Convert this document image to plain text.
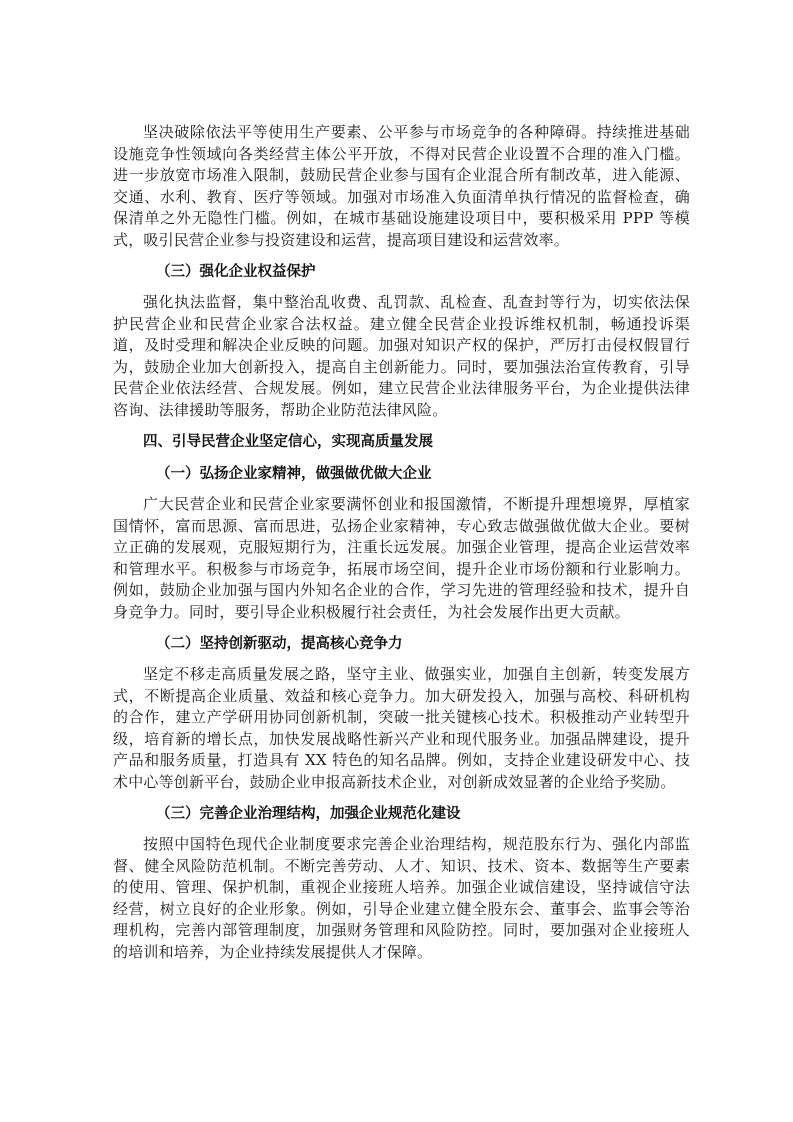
坚决破除依法平等使用生产要素、公平参与市场竞争的各种障碍。持续推进基础设施竞争性领域向各类经营主体公平开放，不得对民营企业设置不合理的准入门槛。进一步放宽市场准入限制，鼓励民营企业参与国有企业混合所有制改革，进入能源、交通、水利、教育、医疗等领域。加强对市场准入负面清单执行情况的监督检查，确保清单之外无隐性门槛。例如，在城市基础设施建设项目中，要积极采用 PPP 等模式，吸引民营企业参与投资建设和运营，提高项目建设和运营效率。

（三）强化企业权益保护

强化执法监督，集中整治乱收费、乱罚款、乱检查、乱查封等行为，切实依法保护民营企业和民营企业家合法权益。建立健全民营企业投诉维权机制，畅通投诉渠道，及时受理和解决企业反映的问题。加强对知识产权的保护，严厉打击侵权假冒行为，鼓励企业加大创新投入，提高自主创新能力。同时，要加强法治宣传教育，引导民营企业依法经营、合规发展。例如，建立民营企业法律服务平台，为企业提供法律咨询、法律援助等服务，帮助企业防范法律风险。

四、引导民营企业坚定信心，实现高质量发展
（一）弘扬企业家精神，做强做优做大企业

广大民营企业和民营企业家要满怀创业和报国激情，不断提升理想境界，厚植家国情怀，富而思源、富而思进，弘扬企业家精神，专心致志做强做优做大企业。要树立正确的发展观，克服短期行为，注重长远发展。加强企业管理，提高企业运营效率和管理水平。积极参与市场竞争，拓展市场空间，提升企业市场份额和行业影响力。例如，鼓励企业加强与国内外知名企业的合作，学习先进的管理经验和技术，提升自身竞争力。同时，要引导企业积极履行社会责任，为社会发展作出更大贡献。

（二）坚持创新驱动，提高核心竞争力

坚定不移走高质量发展之路，坚守主业、做强实业，加强自主创新，转变发展方式，不断提高企业质量、效益和核心竞争力。加大研发投入，加强与高校、科研机构的合作，建立产学研用协同创新机制，突破一批关键核心技术。积极推动产业转型升级，培育新的增长点，加快发展战略性新兴产业和现代服务业。加强品牌建设，提升产品和服务质量，打造具有 XX 特色的知名品牌。例如，支持企业建设研发中心、技术中心等创新平台，鼓励企业申报高新技术企业，对创新成效显著的企业给予奖励。

（三）完善企业治理结构，加强企业规范化建设

按照中国特色现代企业制度要求完善企业治理结构，规范股东行为、强化内部监督、健全风险防范机制。不断完善劳动、人才、知识、技术、资本、数据等生产要素的使用、管理、保护机制，重视企业接班人培养。加强企业诚信建设，坚持诚信守法经营，树立良好的企业形象。例如，引导企业建立健全股东会、董事会、监事会等治理机构，完善内部管理制度，加强财务管理和风险防控。同时，要加强对企业接班人的培训和培养，为企业持续发展提供人才保障。
